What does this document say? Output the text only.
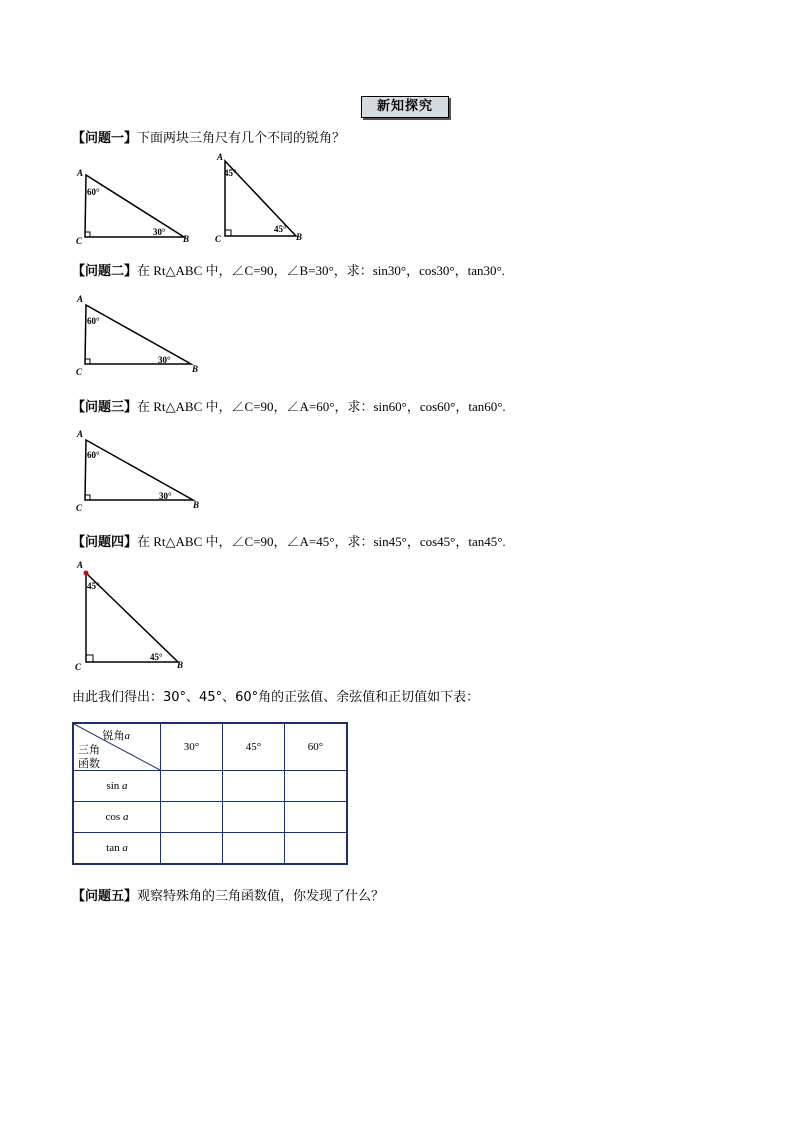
新知探究
【问题一】下面两块三角尺有几个不同的锐角？
A
C	B
60°
30°
A
C	B
45°
45°
【问题二】在 Rt△ABC 中，∠C=90，∠B=30°，求：sin30°，cos30°，tan30°.
A
C	B
60°
30°
【问题三】在 Rt△ABC 中，∠C=90，∠A=60°，求：sin60°，cos60°，tan60°.
A
C	B
60°
30°
【问题四】在 Rt△ABC 中，∠C=90，∠A=45°，求：sin45°，cos45°，tan45°.
A
C	B
45°
45°
由此我们得出：30°、45°、60°角的正弦值、余弦值和正切值如下表：
锐角a
三角
函数	30°	45°	60°
sin a			
cos a			
tan a			
【问题五】观察特殊角的三角函数值，你发现了什么？
